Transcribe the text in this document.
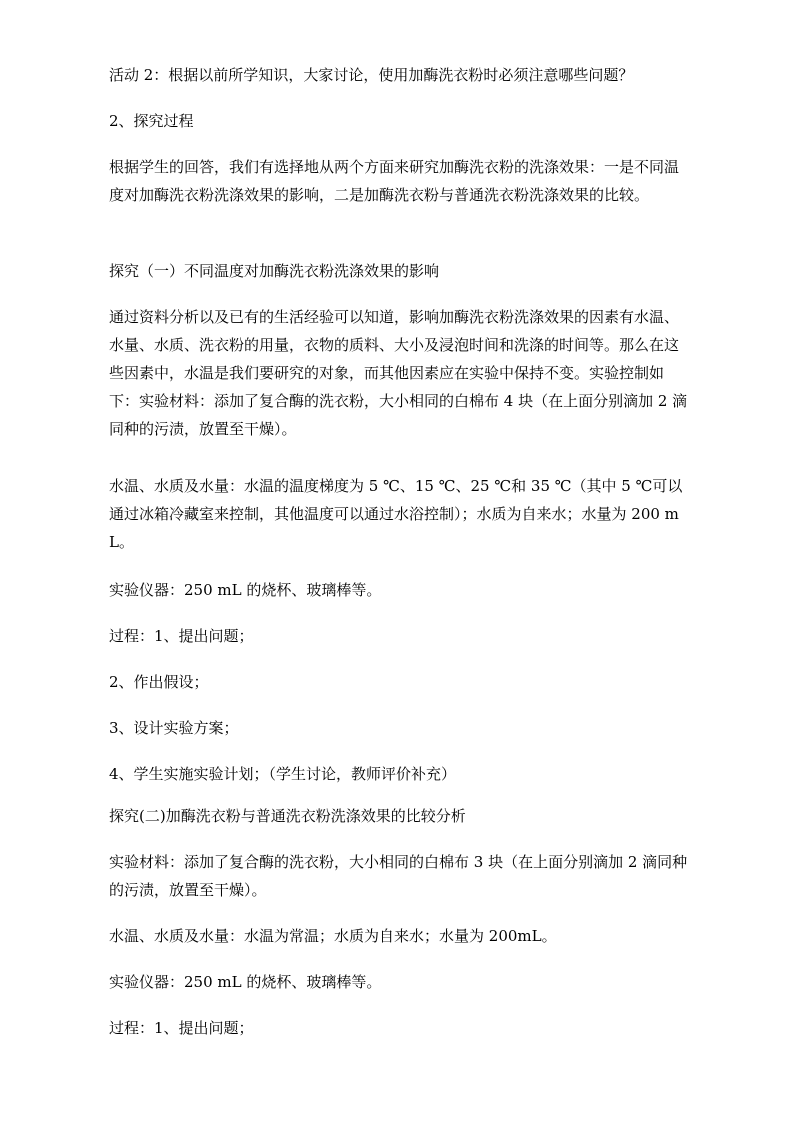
活动 2：根据以前所学知识，大家讨论，使用加酶洗衣粉时必须注意哪些问题？

2、探究过程

根据学生的回答，我们有选择地从两个方面来研究加酶洗衣粉的洗涤效果：一是不同温度对加酶洗衣粉洗涤效果的影响，二是加酶洗衣粉与普通洗衣粉洗涤效果的比较。

探究（一）不同温度对加酶洗衣粉洗涤效果的影响

通过资料分析以及已有的生活经验可以知道，影响加酶洗衣粉洗涤效果的因素有水温、水量、水质、洗衣粉的用量，衣物的质料、大小及浸泡时间和洗涤的时间等。那么在这些因素中，水温是我们要研究的对象，而其他因素应在实验中保持不变。实验控制如下：实验材料：添加了复合酶的洗衣粉，大小相同的白棉布 4 块（在上面分别滴加 2 滴同种的污渍，放置至干燥）。

水温、水质及水量：水温的温度梯度为 5 ℃、15 ℃、25 ℃和 35 ℃（其中 5 ℃可以通过冰箱冷藏室来控制，其他温度可以通过水浴控制）；水质为自来水；水量为 200 mL。

实验仪器：250 mL 的烧杯、玻璃棒等。

过程：1、提出问题；

2、作出假设；

3、设计实验方案；

4、学生实施实验计划；（学生讨论，教师评价补充）

探究(二)加酶洗衣粉与普通洗衣粉洗涤效果的比较分析

实验材料：添加了复合酶的洗衣粉，大小相同的白棉布 3 块（在上面分别滴加 2 滴同种的污渍，放置至干燥）。

水温、水质及水量：水温为常温；水质为自来水；水量为 200mL。

实验仪器：250 mL 的烧杯、玻璃棒等。

过程：1、提出问题；
